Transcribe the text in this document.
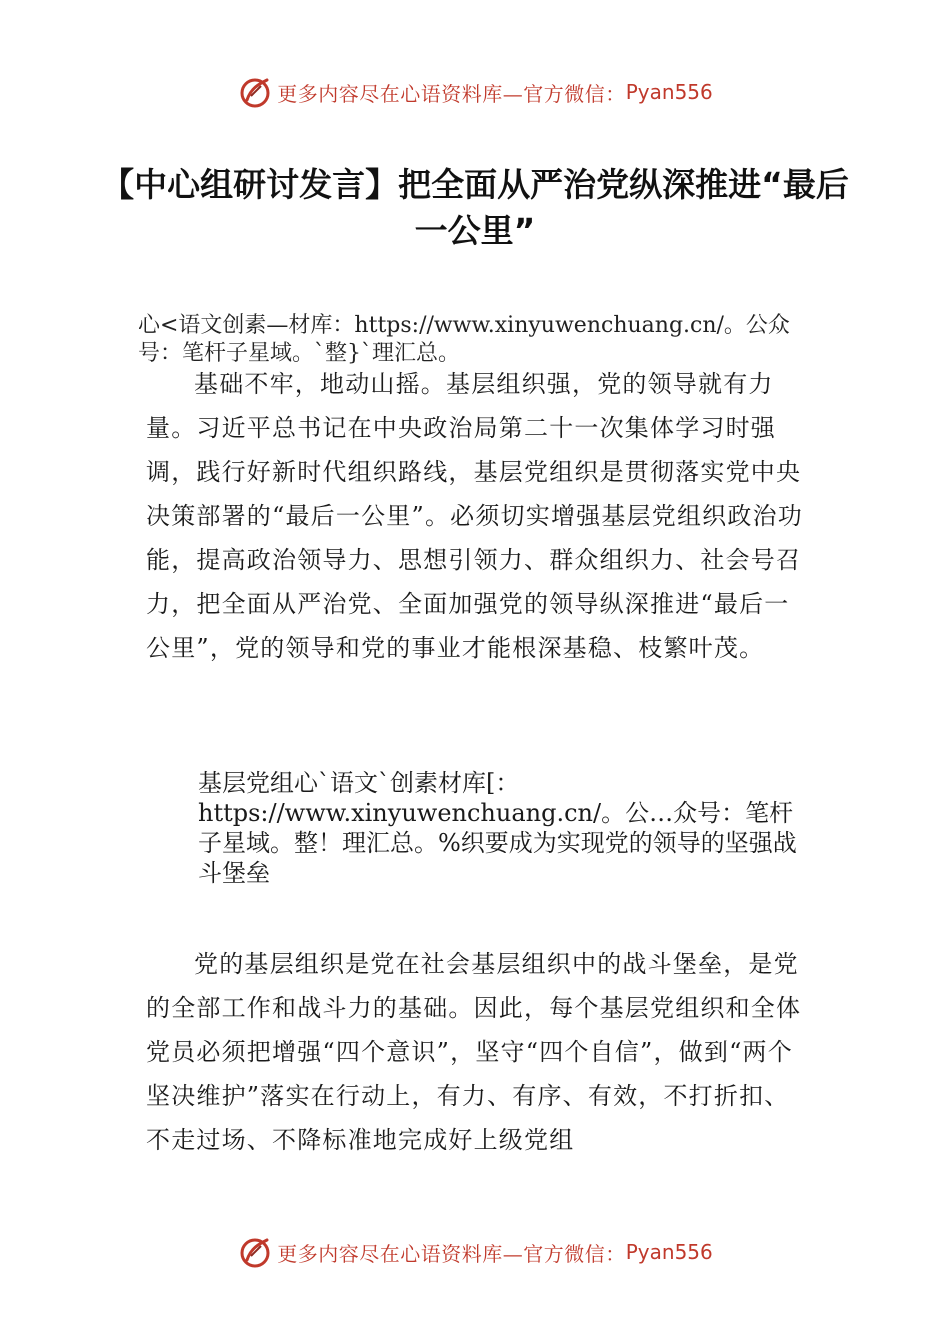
更多内容尽在心语资料库—官方微信： Pyan556
【中心组研讨发言】把全面从严治党纵深推进“最后一公里”
心<语文创素—材库：https://www.xinyuwenchuang.cn/。公众号：笔杆子星域。`整}`理汇总。
基础不牢，地动山摇。基层组织强，党的领导就有力量。习近平总书记在中央政治局第二十一次集体学习时强调，践行好新时代组织路线，基层党组织是贯彻落实党中央决策部署的“最后一公里”。必须切实增强基层党组织政治功能，提高政治领导力、思想引领力、群众组织力、社会号召力，把全面从严治党、全面加强党的领导纵深推进“最后一公里”，党的领导和党的事业才能根深基稳、枝繁叶茂。
基层党组心`语文`创素材库[：https://www.xinyuwenchuang.cn/。公…众号：笔杆子星域。整！理汇总。%织要成为实现党的领导的坚强战斗堡垒
党的基层组织是党在社会基层组织中的战斗堡垒，是党的全部工作和战斗力的基础。因此，每个基层党组织和全体党员必须把增强“四个意识”，坚守“四个自信”，做到“两个坚决维护”落实在行动上，有力、有序、有效，不打折扣、不走过场、不降标准地完成好上级党组
更多内容尽在心语资料库—官方微信： Pyan556
